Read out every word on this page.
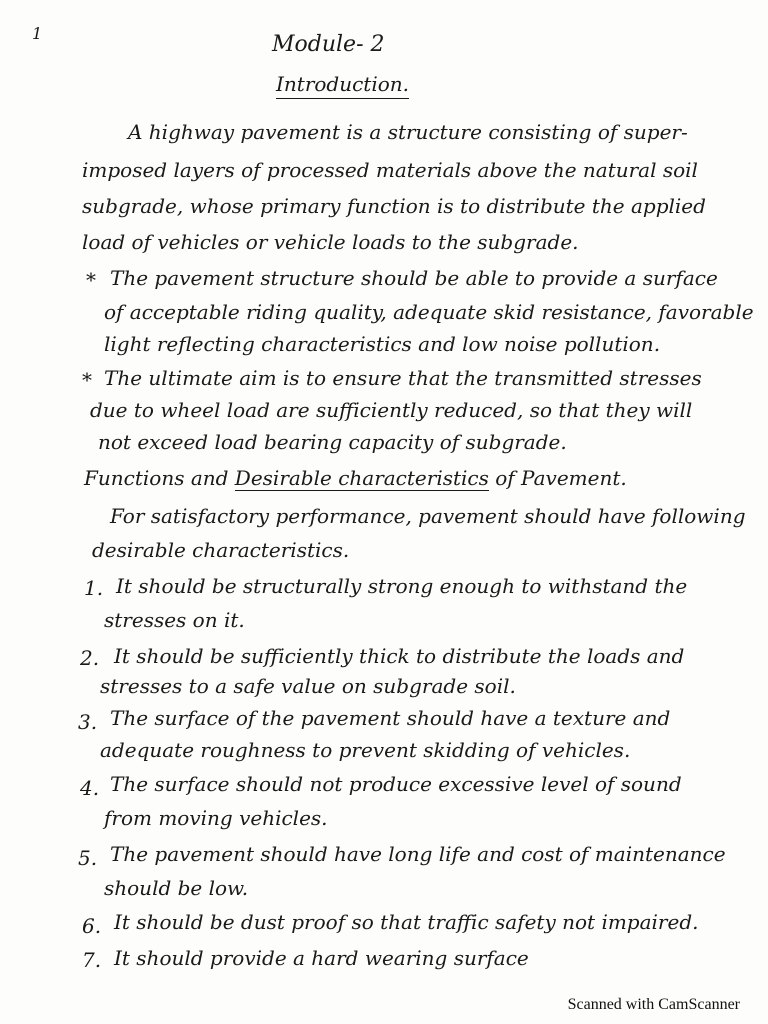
1	Module- 2
Introduction.
A highway pavement is a structure consisting of super-
imposed layers of processed materials above the natural soil
subgrade, whose primary function is to distribute the applied
load of vehicles or vehicle loads to the subgrade.
* The pavement structure should be able to provide a surface
of acceptable riding quality, adequate skid resistance, favorable
light reflecting characteristics and low noise pollution.
* The ultimate aim is to ensure that the transmitted stresses
due to wheel load are sufficiently reduced, so that they will
not exceed load bearing capacity of subgrade.
Functions and Desirable characteristics of Pavement.
For satisfactory performance, pavement should have following
desirable characteristics.
1. It should be structurally strong enough to withstand the
stresses on it.
2. It should be sufficiently thick to distribute the loads and
stresses to a safe value on subgrade soil.
3. The surface of the pavement should have a texture and
adequate roughness to prevent skidding of vehicles.
4. The surface should not produce excessive level of sound
from moving vehicles.
5. The pavement should have long life and cost of maintenance
should be low.
6. It should be dust proof so that traffic safety not impaired.
7. It should provide a hard wearing surface
Scanned with CamScanner
